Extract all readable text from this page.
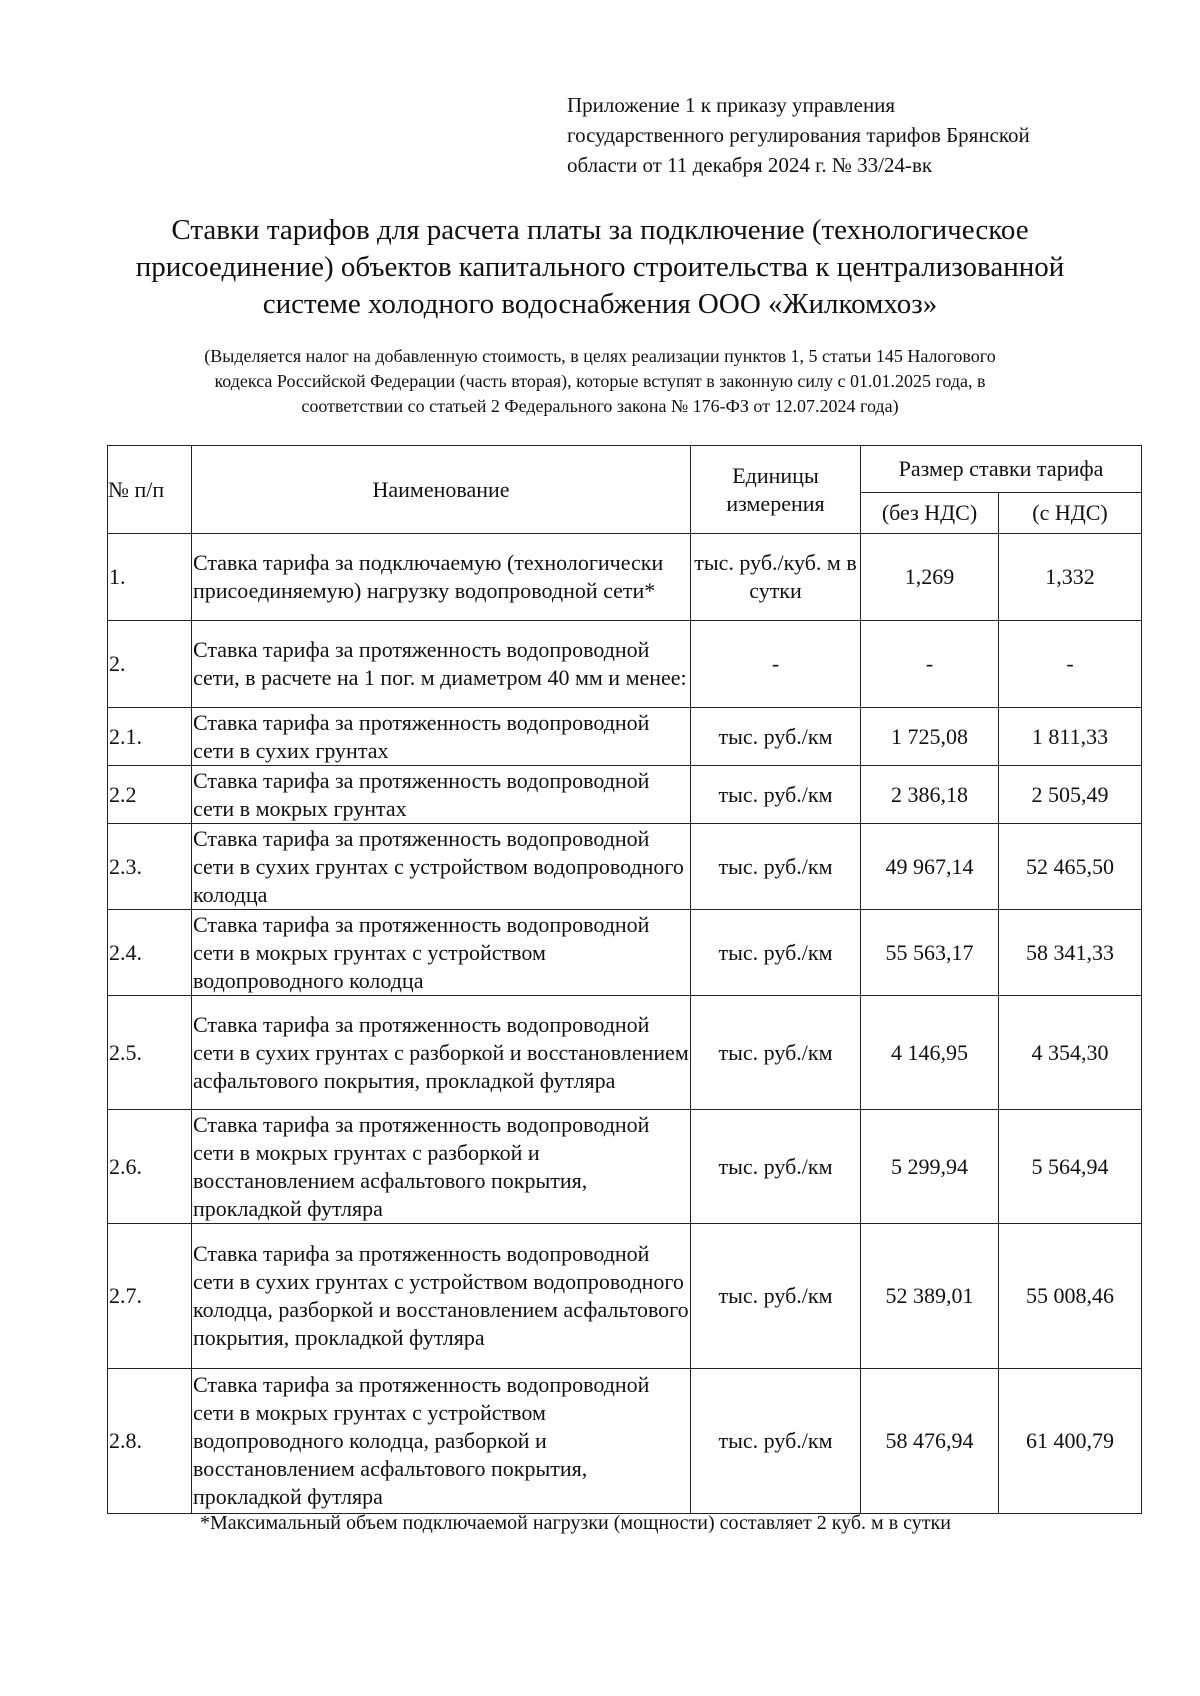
Приложение 1 к приказу управления
государственного регулирования тарифов Брянской
области от 11 декабря 2024 г. № 33/24-вк
Ставки тарифов для расчета платы за подключение (технологическое
присоединение) объектов капитального строительства к централизованной
системе холодного водоснабжения ООО «Жилкомхоз»
(Выделяется налог на добавленную стоимость, в целях реализации пунктов 1, 5 статьи 145 Налогового
кодекса Российской Федерации (часть вторая), которые вступят в законную силу с 01.01.2025 года, в
соответствии со статьей 2 Федерального закона № 176-ФЗ от 12.07.2024 года)
№ п/п	Наименование	Единицы измерения	Размер ставки тарифа	
			(без НДС)	(с НДС)
1.	Ставка тарифа за подключаемую (технологически присоединяемую) нагрузку водопроводной сети*	тыс. руб./куб. м в сутки	1,269	1,332
2.	Ставка тарифа за протяженность водопроводной сети, в расчете на 1 пог. м диаметром 40 мм и менее:	-	-	-
2.1.	Ставка тарифа за протяженность водопроводной сети в сухих грунтах	тыс. руб./км	1 725,08	1 811,33
2.2	Ставка тарифа за протяженность водопроводной сети в мокрых грунтах	тыс. руб./км	2 386,18	2 505,49
2.3.	Ставка тарифа за протяженность водопроводной сети в сухих грунтах с устройством водопроводного колодца	тыс. руб./км	49 967,14	52 465,50
2.4.	Ставка тарифа за протяженность водопроводной сети в мокрых грунтах с устройством водопроводного колодца	тыс. руб./км	55 563,17	58 341,33
2.5.	Ставка тарифа за протяженность водопроводной сети в сухих грунтах с разборкой и восстановлением асфальтового покрытия, прокладкой футляра	тыс. руб./км	4 146,95	4 354,30
2.6.	Ставка тарифа за протяженность водопроводной сети в мокрых грунтах с разборкой и восстановлением асфальтового покрытия, прокладкой футляра	тыс. руб./км	5 299,94	5 564,94
2.7.	Ставка тарифа за протяженность водопроводной сети в сухих грунтах с устройством водопроводного колодца, разборкой и восстановлением асфальтового покрытия, прокладкой футляра	тыс. руб./км	52 389,01	55 008,46
2.8.	Ставка тарифа за протяженность водопроводной сети в мокрых грунтах с устройством водопроводного колодца, разборкой и восстановлением асфальтового покрытия, прокладкой футляра	тыс. руб./км	58 476,94	61 400,79
*Максимальный объем подключаемой нагрузки (мощности) составляет 2 куб. м в сутки
